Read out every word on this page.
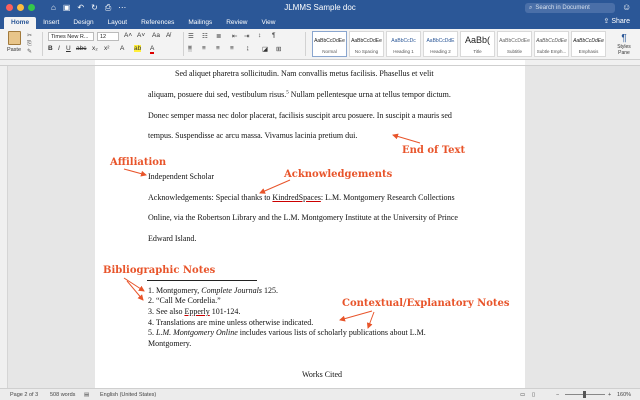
⌂ ▣ ↶ ↻ ⎙ ⋯	JLMMS Sample doc	⌕ Search in Document	☺
Home	Insert	Design	Layout	References	Mailings	Review	View	⇪ Share
Paste
✂
⎘
✎
Times New R...	12	A˄ A˅ Aa A̸
B I U abc x₂ x² A ab A
☰ ☷ ≣ ⇤ ⇥ ↕ ¶
≡ ≡ ≡ ≡ ↨ ◪ ⊞
AaBbCcDdEe
Normal
AaBbCcDdEe
No Spacing
AaBbCcDc
Heading 1
AaBbCcDdE
Heading 2
AaBb(
Title
AaBbCcDdEe
Subtitle
AaBbCcDdEe
Subtle Emph...
AaBbCcDdEe
Emphasis
¶
Styles Pane
Sed aliquet pharetra sollicitudin. Nam convallis metus facilisis. Phasellus et velit
aliquam, posuere dui sed, vestibulum risus.$^5$ Nullam pellentesque urna at tellus tempor dictum.
Donec semper massa nec dolor placerat, facilisis suscipit arcu posuere. In suscipit a mauris sed
tempus. Suspendisse ac arcu massa. Vivamus lacinia pretium dui.
Independent Scholar
Acknowledgements: Special thanks to KindredSpaces: L.M. Montgomery Research Collections
Online, via the Robertson Library and the L.M. Montgomery Institute at the University of Prince
Edward Island.
1. Montgomery, Complete Journals 125.
2. “Call Me Cordelia.”
3. See also Epperly 101-124.
4. Translations are mine unless otherwise indicated.
5. L.M. Montgomery Online includes various lists of scholarly publications about L.M.
Montgomery.
Works Cited
Affiliation
Acknowledgements
End of Text
Bibliographic Notes
Contextual/Explanatory Notes
Page 2 of 3 508 words ▤ English (United States)	▭ ▯	−	+ 160%
